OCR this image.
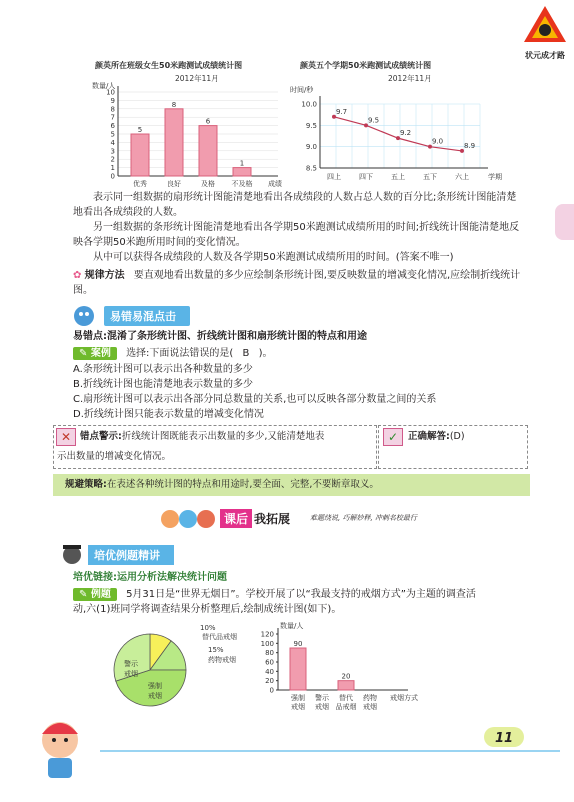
状元成才路
颜英所在班级女生50米跑测试成绩统计图
2012年11月
数量/人
0
1
2
3
4
5
6
7
8
9
10
5
优秀
8
良好
6
及格
1
不及格 成绩
颜英五个学期50米跑测试成绩统计图
2012年11月
时间/秒
8.5
9.0
9.5
10.0
9.7
四上
9.5
四下
9.2
五上
9.0
五下
8.9
六上	学期
表示同一组数据的扇形统计图能清楚地看出各成绩段的人数占总人数的百分比;条形统计图能清楚地看出各成绩段的人数。
另一组数据的条形统计图能清楚地看出各学期50米跑测试成绩所用的时间;折线统计图能清楚地反映各学期50米跑所用时间的变化情况。
从中可以获得各成绩段的人数及各学期50米跑测试成绩所用的时间。(答案不唯一)
✿ 规律方法 要直观地看出数量的多少应绘制条形统计图,要反映数量的增减变化情况,应绘制折线统计图。
易错易混点击
易错点:混淆了条形统计图、折线统计图和扇形统计图的特点和用途
✎ 案例 选择:下面说法错误的是( B )。
A.条形统计图可以表示出各种数量的多少
B.折线统计图也能清楚地表示数量的多少
C.扇形统计图可以表示出各部分同总数量的关系,也可以反映各部分数量之间的关系
D.折线统计图只能表示数量的增减变化情况
✕ 错点警示:折线统计图既能表示出数量的多少,又能清楚地表
示出数量的增减变化情况。
✓	正确解答:(D)
规避策略:在表述各种统计图的特点和用途时,要全面、完整,不要断章取义。
课后 我拓展	难题绕说, 巧解妙释, 冲刺名校最行
培优例题精讲
培优链接:运用分析法解决统计问题
✎ 例题 5月31日是“世界无烟日”。学校开展了以“我最支持的戒烟方式”为主题的调查活
动,六(1)班同学将调查结果分析整理后,绘制成统计图(如下)。
10%
替代品戒烟
15%
药物戒烟
警示
戒烟
强制
戒烟
数量/人
0
20
40
60
80
100
120
90
强制
戒烟
警示
戒烟
20
替代
品戒烟
药物
戒烟
戒烟方式
11
